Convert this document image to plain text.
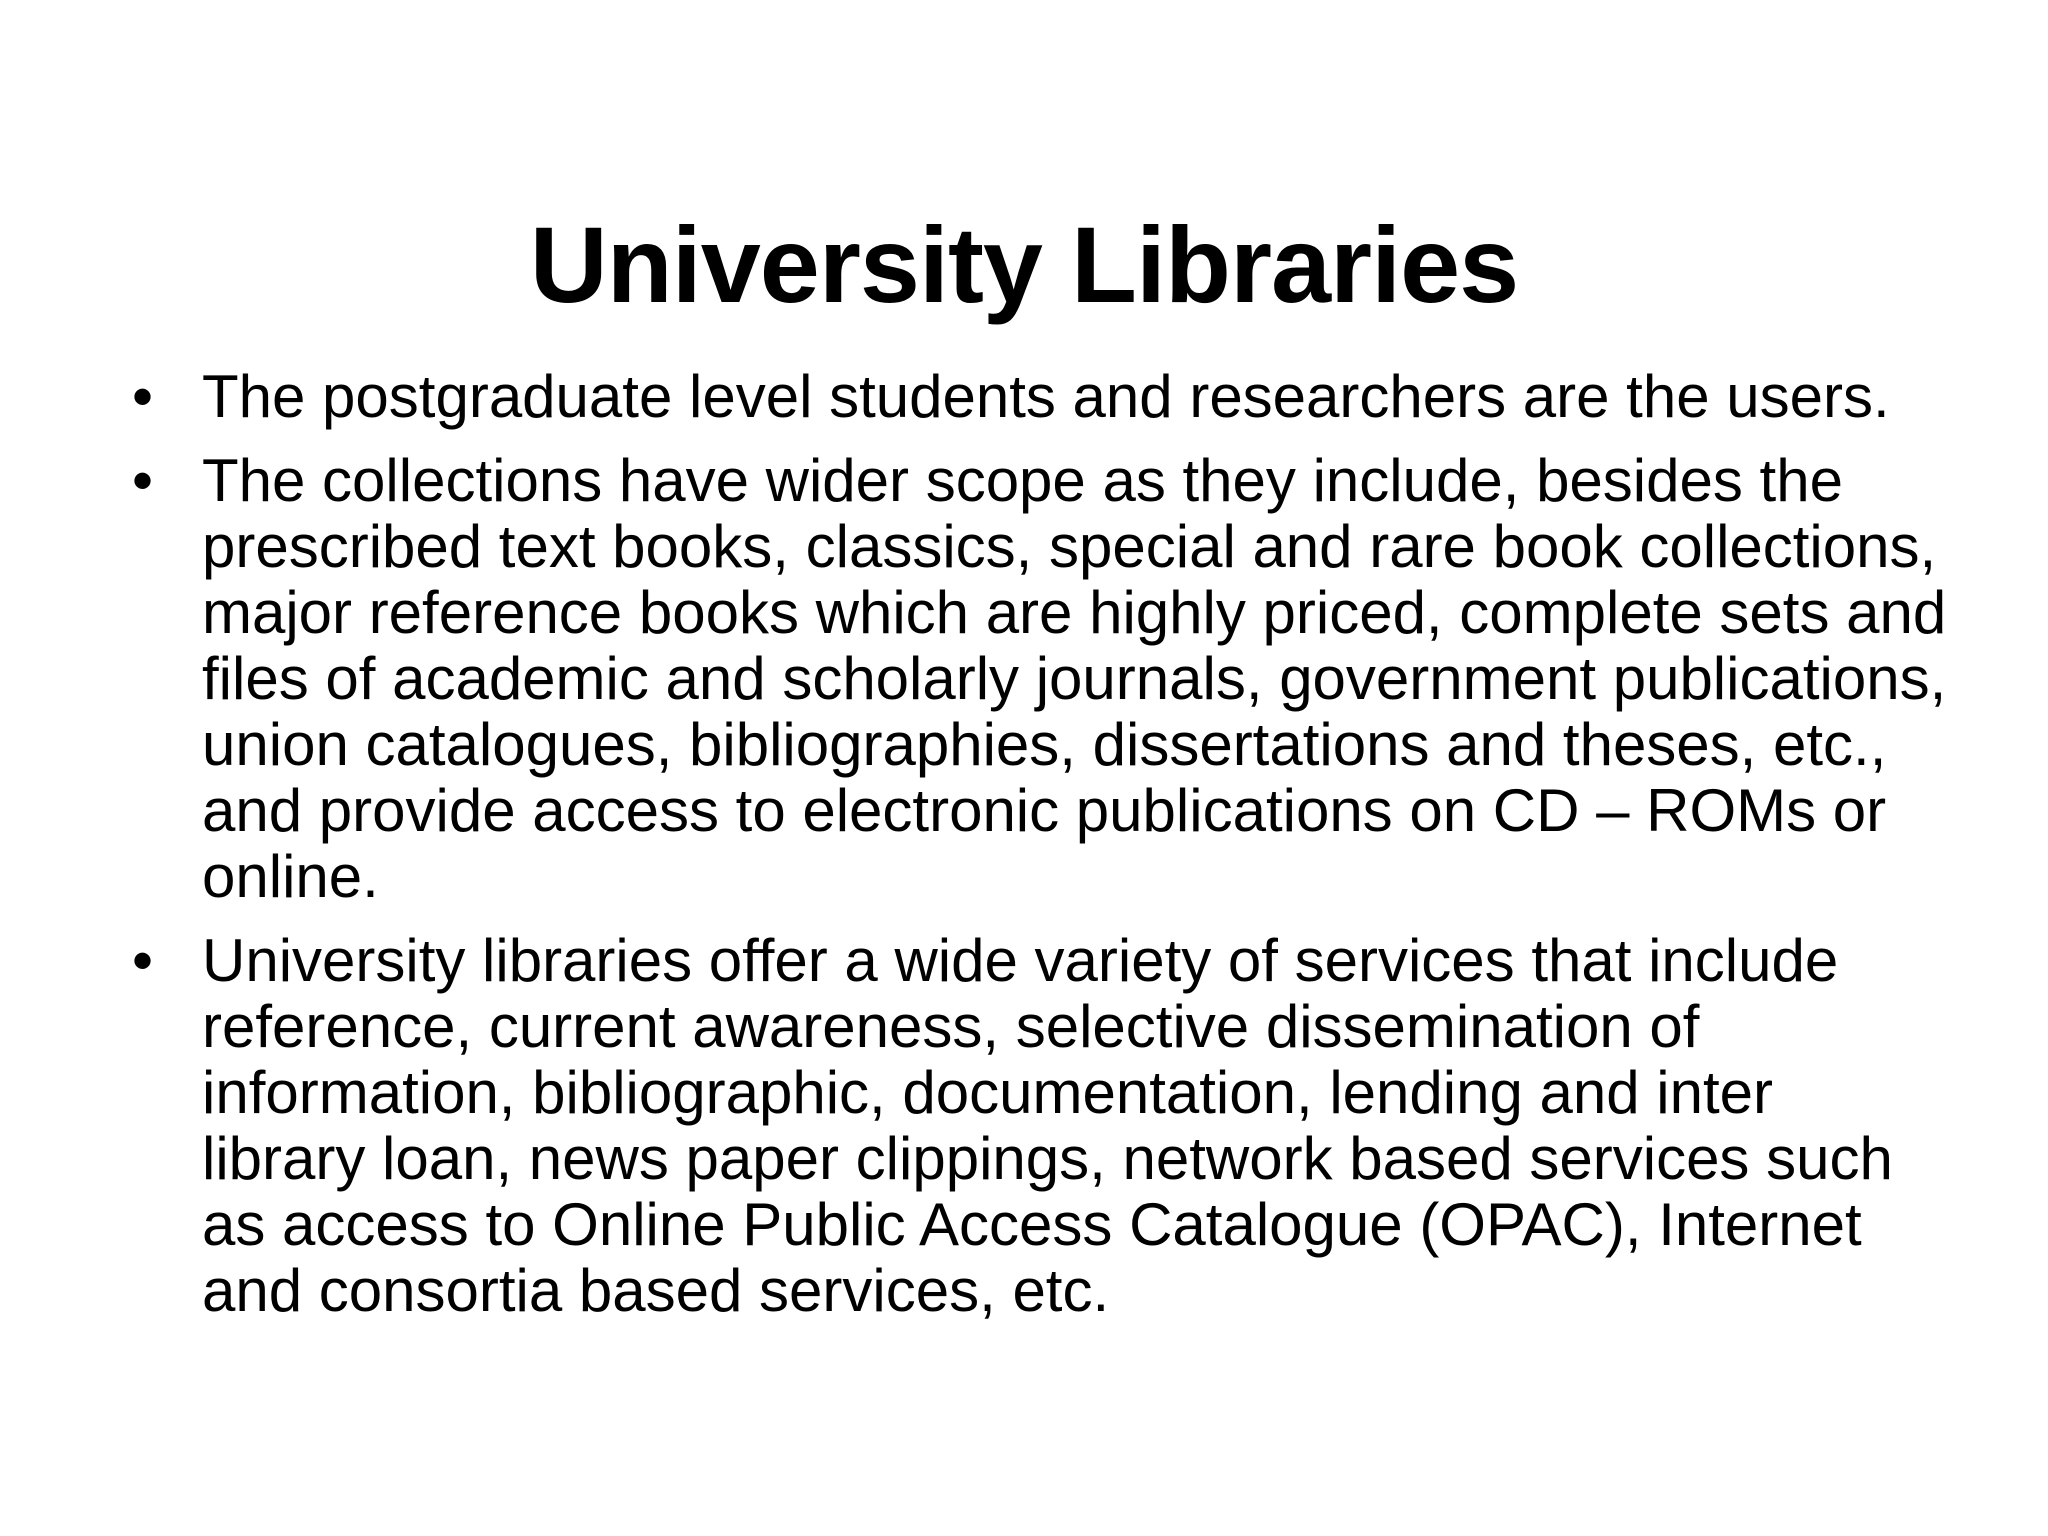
University Libraries
• The postgraduate level students and researchers are the users.
• The collections have wider scope as they include, besides the prescribed text books, classics, special and rare book collections, major reference books which are highly priced, complete sets and files of academic and scholarly journals, government publications, union catalogues, bibliographies, dissertations and theses, etc., and provide access to electronic publications on CD – ROMs or online.
• University libraries offer a wide variety of services that include reference, current awareness, selective dissemination of information, bibliographic, documentation, lending and inter library loan, news paper clippings, network based services such as access to Online Public Access Catalogue (OPAC), Internet and consortia based services, etc.
